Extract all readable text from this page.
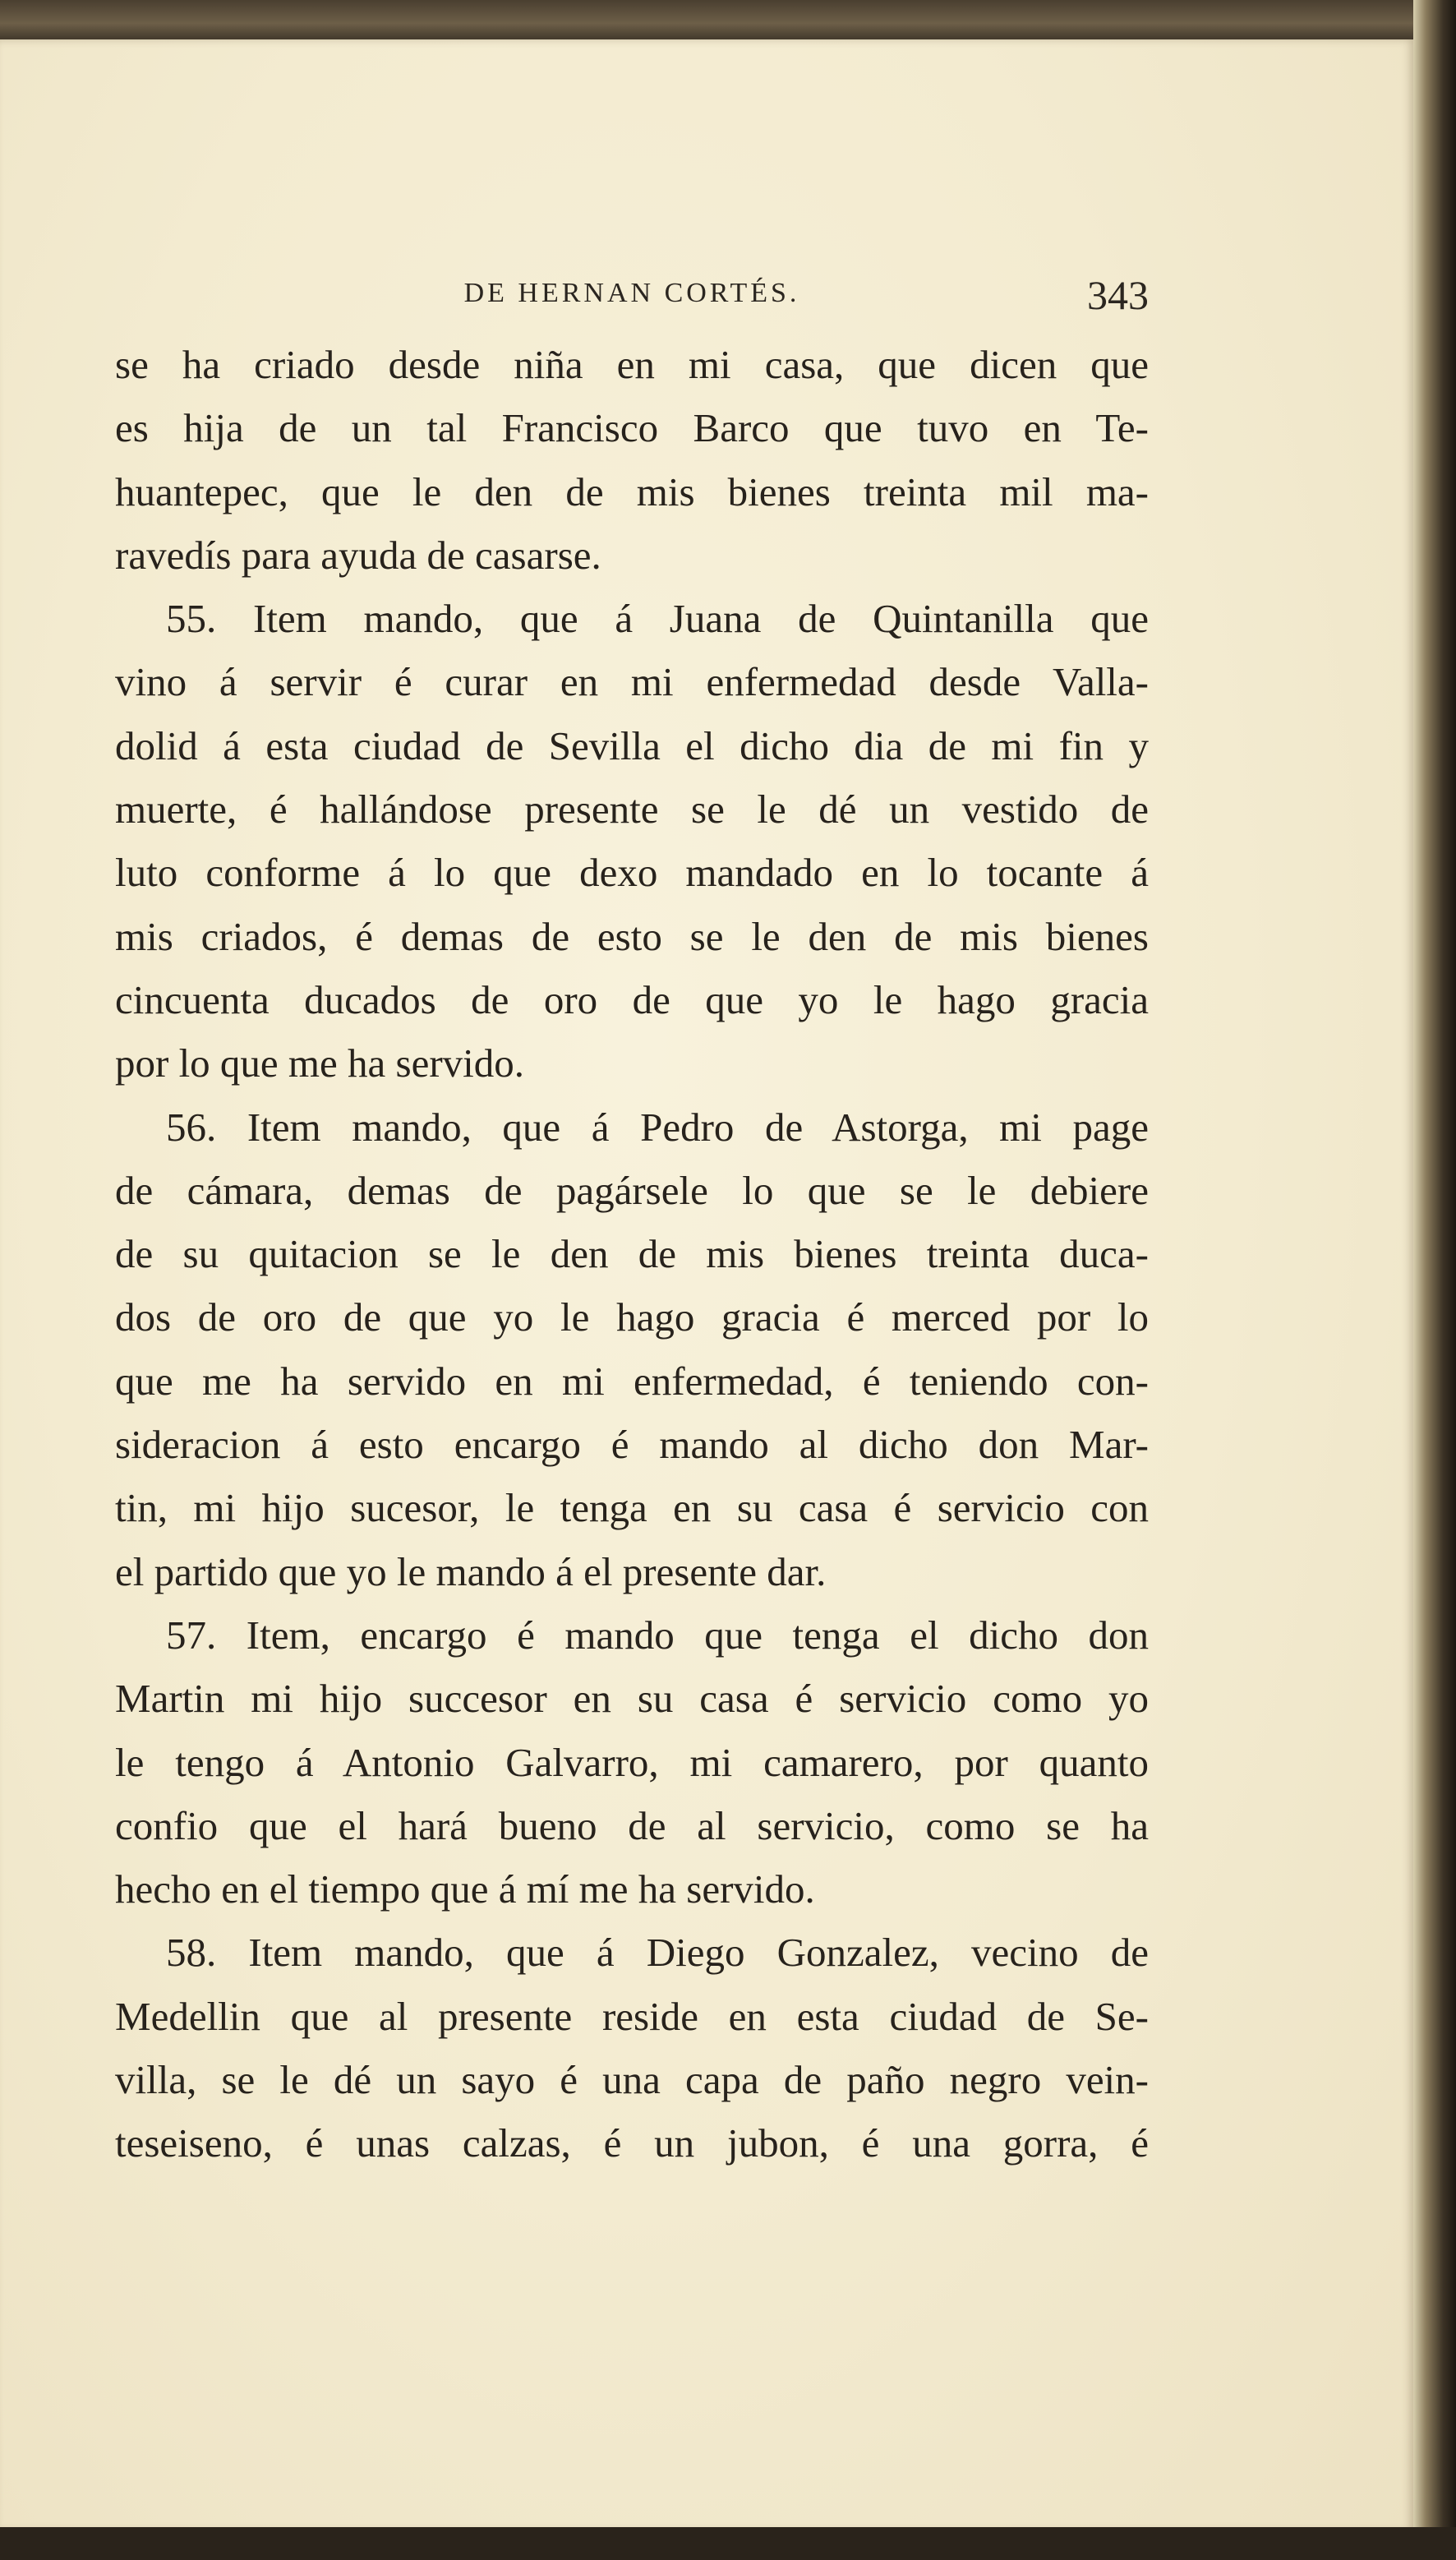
DE HERNAN CORTÉS.	343
se ha criado desde niña en mi casa, que dicen que
es hija de un tal Francisco Barco que tuvo en Te-
huantepec, que le den de mis bienes treinta mil ma-
ravedís para ayuda de casarse.
55. Item mando, que á Juana de Quintanilla que
vino á servir é curar en mi enfermedad desde Valla-
dolid á esta ciudad de Sevilla el dicho dia de mi fin y
muerte, é hallándose presente se le dé un vestido de
luto conforme á lo que dexo mandado en lo tocante á
mis criados, é demas de esto se le den de mis bienes
cincuenta ducados de oro de que yo le hago gracia
por lo que me ha servido.
56. Item mando, que á Pedro de Astorga, mi page
de cámara, demas de pagársele lo que se le debiere
de su quitacion se le den de mis bienes treinta duca-
dos de oro de que yo le hago gracia é merced por lo
que me ha servido en mi enfermedad, é teniendo con-
sideracion á esto encargo é mando al dicho don Mar-
tin, mi hijo sucesor, le tenga en su casa é servicio con
el partido que yo le mando á el presente dar.
57. Item, encargo é mando que tenga el dicho don
Martin mi hijo succesor en su casa é servicio como yo
le tengo á Antonio Galvarro, mi camarero, por quanto
confio que el hará bueno de al servicio, como se ha
hecho en el tiempo que á mí me ha servido.
58. Item mando, que á Diego Gonzalez, vecino de
Medellin que al presente reside en esta ciudad de Se-
villa, se le dé un sayo é una capa de paño negro vein-
teseiseno, é unas calzas, é un jubon, é una gorra, é
